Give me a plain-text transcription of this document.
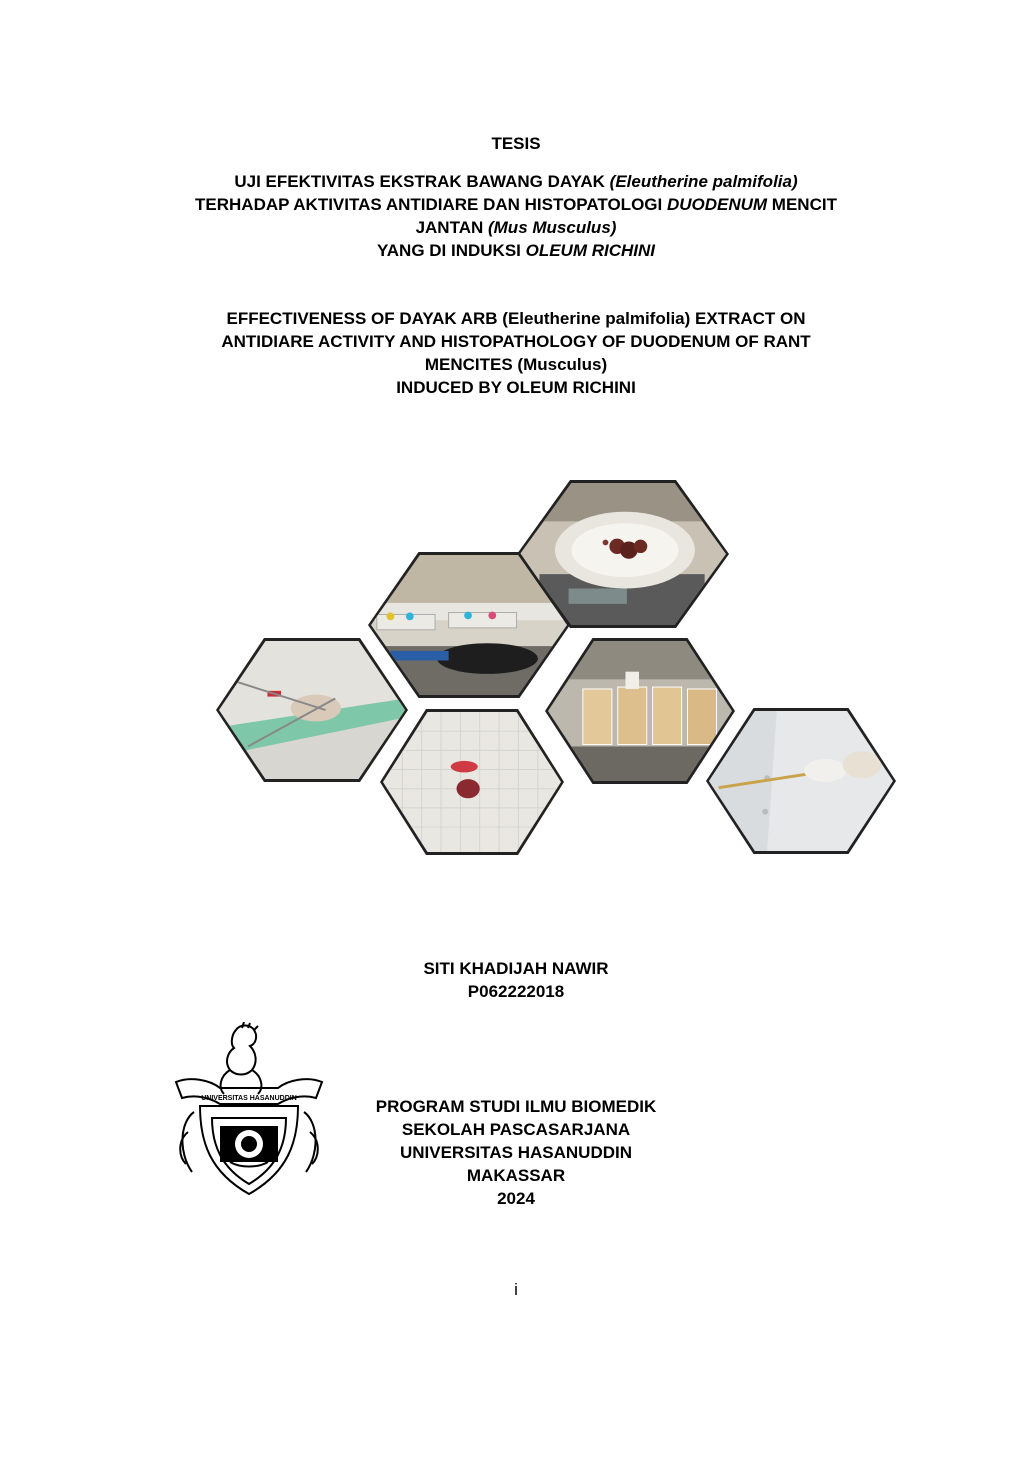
TESIS
UJI EFEKTIVITAS EKSTRAK BAWANG DAYAK (Eleutherine palmifolia)
TERHADAP AKTIVITAS ANTIDIARE DAN HISTOPATOLOGI DUODENUM MENCIT
JANTAN (Mus Musculus)
YANG DI INDUKSI OLEUM RICHINI
EFFECTIVENESS OF DAYAK ARB (Eleutherine palmifolia) EXTRACT ON
ANTIDIARE ACTIVITY AND HISTOPATHOLOGY OF DUODENUM OF RANT
MENCITES (Musculus)
INDUCED BY OLEUM RICHINI
SITI KHADIJAH NAWIR
P062222018
UNIVERSITAS HASANUDDIN	PROGRAM STUDI ILMU BIOMEDIK
SEKOLAH PASCASARJANA
UNIVERSITAS HASANUDDIN
MAKASSAR
2024
i
